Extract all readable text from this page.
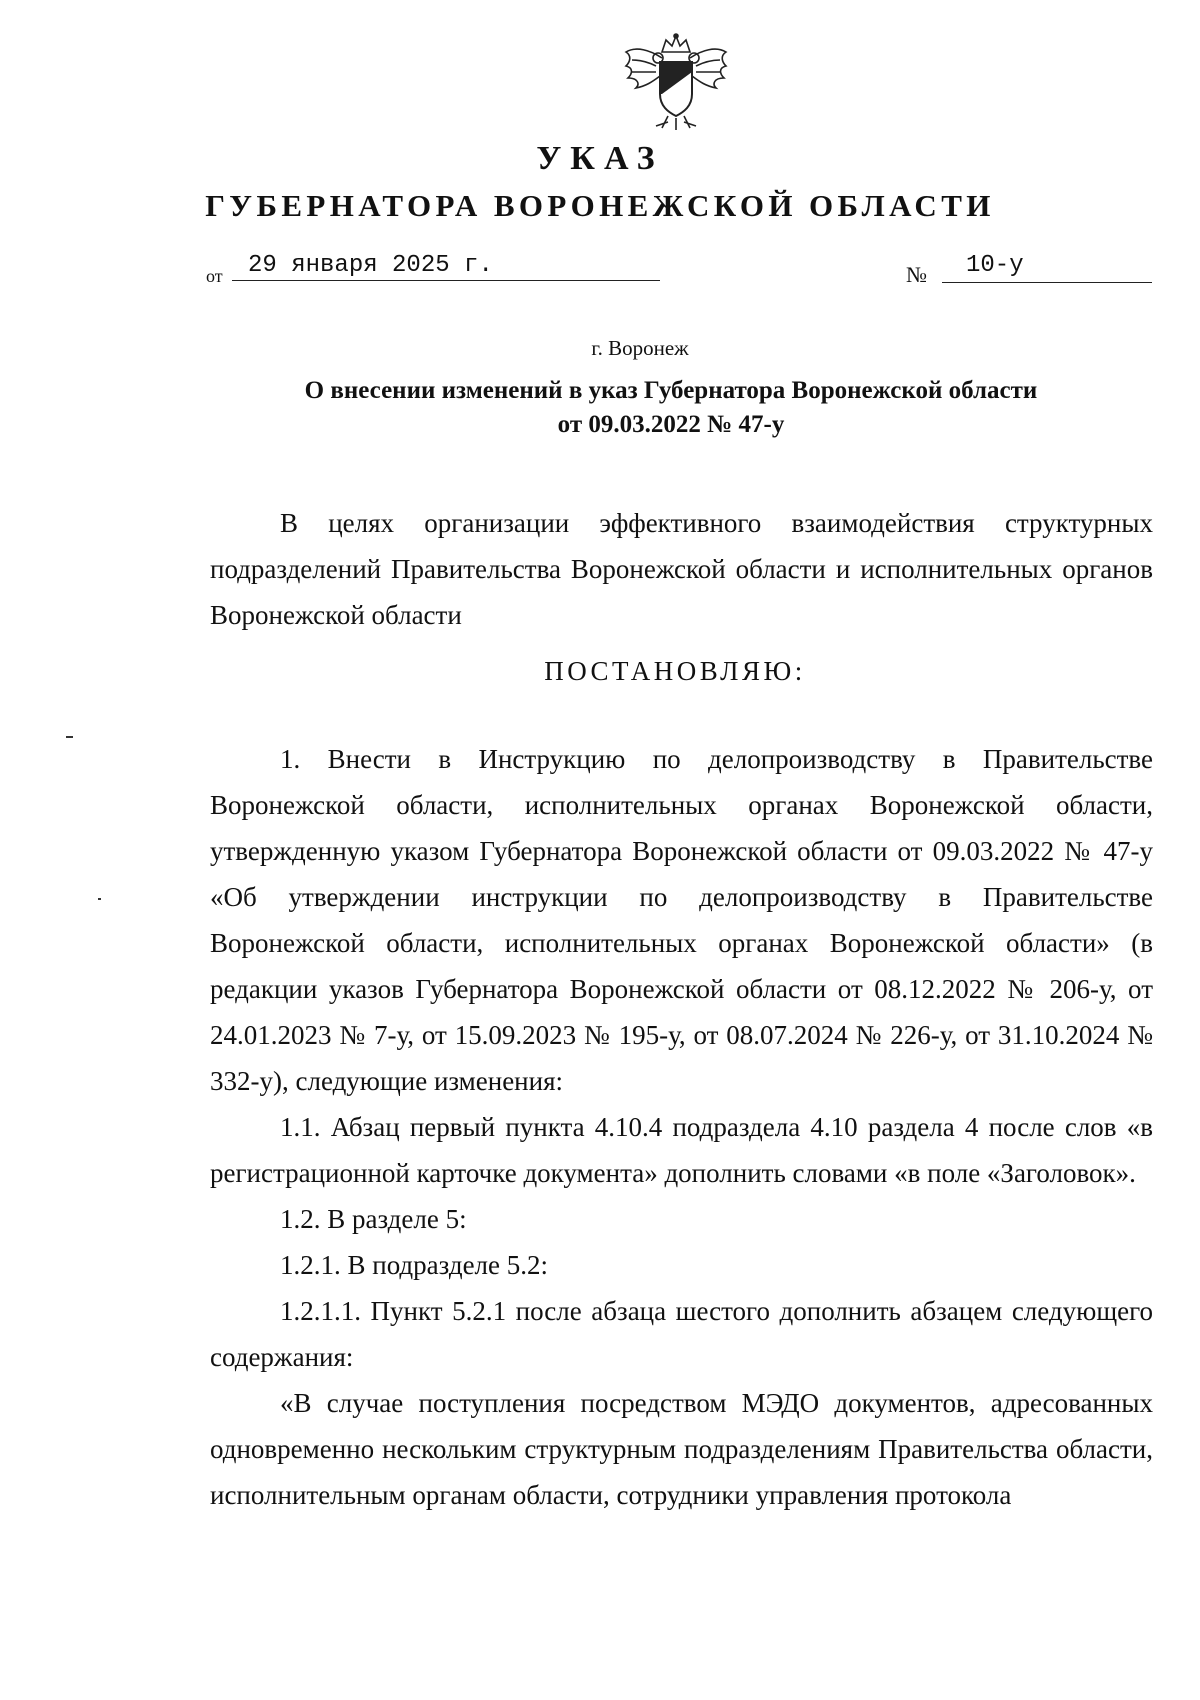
УКАЗ
ГУБЕРНАТОРА ВОРОНЕЖСКОЙ ОБЛАСТИ
от 29 января 2025 г.	№ 10-у
г. Воронеж
О внесении изменений в указ Губернатора Воронежской области
от 09.03.2022 № 47-у

В целях организации эффективного взаимодействия структурных подразделений Правительства Воронежской области и исполнительных органов Воронежской области

ПОСТАНОВЛЯЮ:

1. Внести в Инструкцию по делопроизводству в Правительстве Воронежской области, исполнительных органах Воронежской области, утвержденную указом Губернатора Воронежской области от 09.03.2022 № 47-у «Об утверждении инструкции по делопроизводству в Правительстве Воронежской области, исполнительных органах Воронежской области» (в редакции указов Губернатора Воронежской области от 08.12.2022 № 206-у, от 24.01.2023 № 7-у, от 15.09.2023 № 195-у, от 08.07.2024 № 226-у, от 31.10.2024 № 332-у), следующие изменения:

1.1. Абзац первый пункта 4.10.4 подраздела 4.10 раздела 4 после слов «в регистрационной карточке документа» дополнить словами «в поле «Заголовок».

1.2. В разделе 5:

1.2.1. В подразделе 5.2:

1.2.1.1. Пункт 5.2.1 после абзаца шестого дополнить абзацем следующего содержания:

«В случае поступления посредством МЭДО документов, адресованных одновременно нескольким структурным подразделениям Правительства области, исполнительным органам области, сотрудники управления протокола
